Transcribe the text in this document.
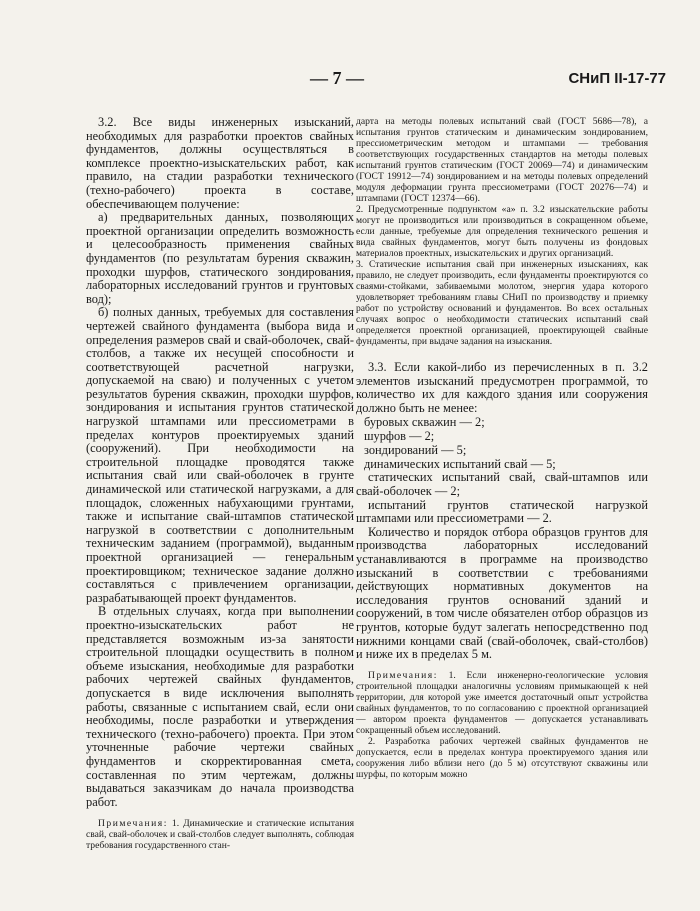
— 7 —	СНиП II-17-77

3.2. Все виды инженерных изысканий, необходимых для разработки проектов свайных фундаментов, должны осуществляться в комплексе проектно-изыскательских работ, как правило, на стадии разработки технического (техно-рабочего) проекта в составе, обеспечивающем получение:

а) предварительных данных, позволяющих проектной организации определить возможность и целесообразность применения свайных фундаментов (по результатам бурения скважин, проходки шурфов, статического зондирования, лабораторных исследований грунтов и грунтовых вод);

б) полных данных, требуемых для составления чертежей свайного фундамента (выбора вида и определения размеров свай и свай-оболочек, свай-столбов, а также их несущей способности и соответствующей расчетной нагрузки, допускаемой на сваю) и полученных с учетом результатов бурения скважин, проходки шурфов, зондирования и испытания грунтов статической нагрузкой штампами или прессиометрами в пределах контуров проектируемых зданий (сооружений). При необходимости на строительной площадке проводятся также испытания свай или свай-оболочек в грунте динамической или статической нагрузками, а для площадок, сложенных набухающими грунтами, также и испытание свай-штампов статической нагрузкой в соответствии с дополнительным техническим заданием (программой), выданным проектной организацией — генеральным проектировщиком; техническое задание должно составляться с привлечением организации, разрабатывающей проект фундаментов.

В отдельных случаях, когда при выполнении проектно-изыскательских работ не представляется возможным из-за занятости строительной площадки осуществить в полном объеме изыскания, необходимые для разработки рабочих чертежей свайных фундаментов, допускается в виде исключения выполнять работы, связанные с испытанием свай, если они необходимы, после разработки и утверждения технического (техно-рабочего) проекта. При этом уточненные рабочие чертежи свайных фундаментов и скорректированная смета, составленная по этим чертежам, должны выдаваться заказчикам до начала производства работ.

Примечания: 1. Динамические и статические испытания свай, свай-оболочек и свай-столбов следует выполнять, соблюдая требования государственного стан-

дарта на методы полевых испытаний свай (ГОСТ 5686—78), а испытания грунтов статическим и динамическим зондированием, прессиометрическим методом и штампами — требования соответствующих государственных стандартов на методы полевых испытаний грунтов статическим (ГОСТ 20069—74) и динамическим (ГОСТ 19912—74) зондированием и на методы полевых определений модуля деформации грунта прессиометрами (ГОСТ 20276—74) и штампами (ГОСТ 12374—66).

2. Предусмотренные подпунктом «а» п. 3.2 изыскательские работы могут не производиться или производиться в сокращенном объеме, если данные, требуемые для определения технического решения и вида свайных фундаментов, могут быть получены из фондовых материалов проектных, изыскательских и других организаций.

3. Статические испытания свай при инженерных изысканиях, как правило, не следует производить, если фундаменты проектируются со сваями-стойками, забиваемыми молотом, энергия удара которого удовлетворяет требованиям главы СНиП по производству и приемку работ по устройству оснований и фундаментов. Во всех остальных случаях вопрос о необходимости статических испытаний свай определяется проектной организацией, проектирующей свайные фундаменты, при выдаче задания на изыскания.

3.3. Если какой-либо из перечисленных в п. 3.2 элементов изысканий предусмотрен программой, то количество их для каждого здания или сооружения должно быть не менее:

буровых скважин — 2;
шурфов — 2;
зондирований — 5;
динамических испытаний свай — 5;

статических испытаний свай, свай-штампов или свай-оболочек — 2;

испытаний грунтов статической нагрузкой штампами или прессиометрами — 2.

Количество и порядок отбора образцов грунтов для производства лабораторных исследований устанавливаются в программе на производство изысканий в соответствии с требованиями действующих нормативных документов на исследования грунтов оснований зданий и сооружений, в том числе обязателен отбор образцов из грунтов, которые будут залегать непосредственно под нижними концами свай (свай-оболочек, свай-столбов) и ниже их в пределах 5 м.

Примечания: 1. Если инженерно-геологические условия строительной площадки аналогичны условиям примыкающей к ней территории, для которой уже имеется достаточный опыт устройства свайных фундаментов, то по согласованию с проектной организацией — автором проекта фундаментов — допускается устанавливать сокращенный объем исследований.

2. Разработка рабочих чертежей свайных фундаментов не допускается, если в пределах контура проектируемого здания или сооружения либо вблизи него (до 5 м) отсутствуют скважины или шурфы, по которым можно
